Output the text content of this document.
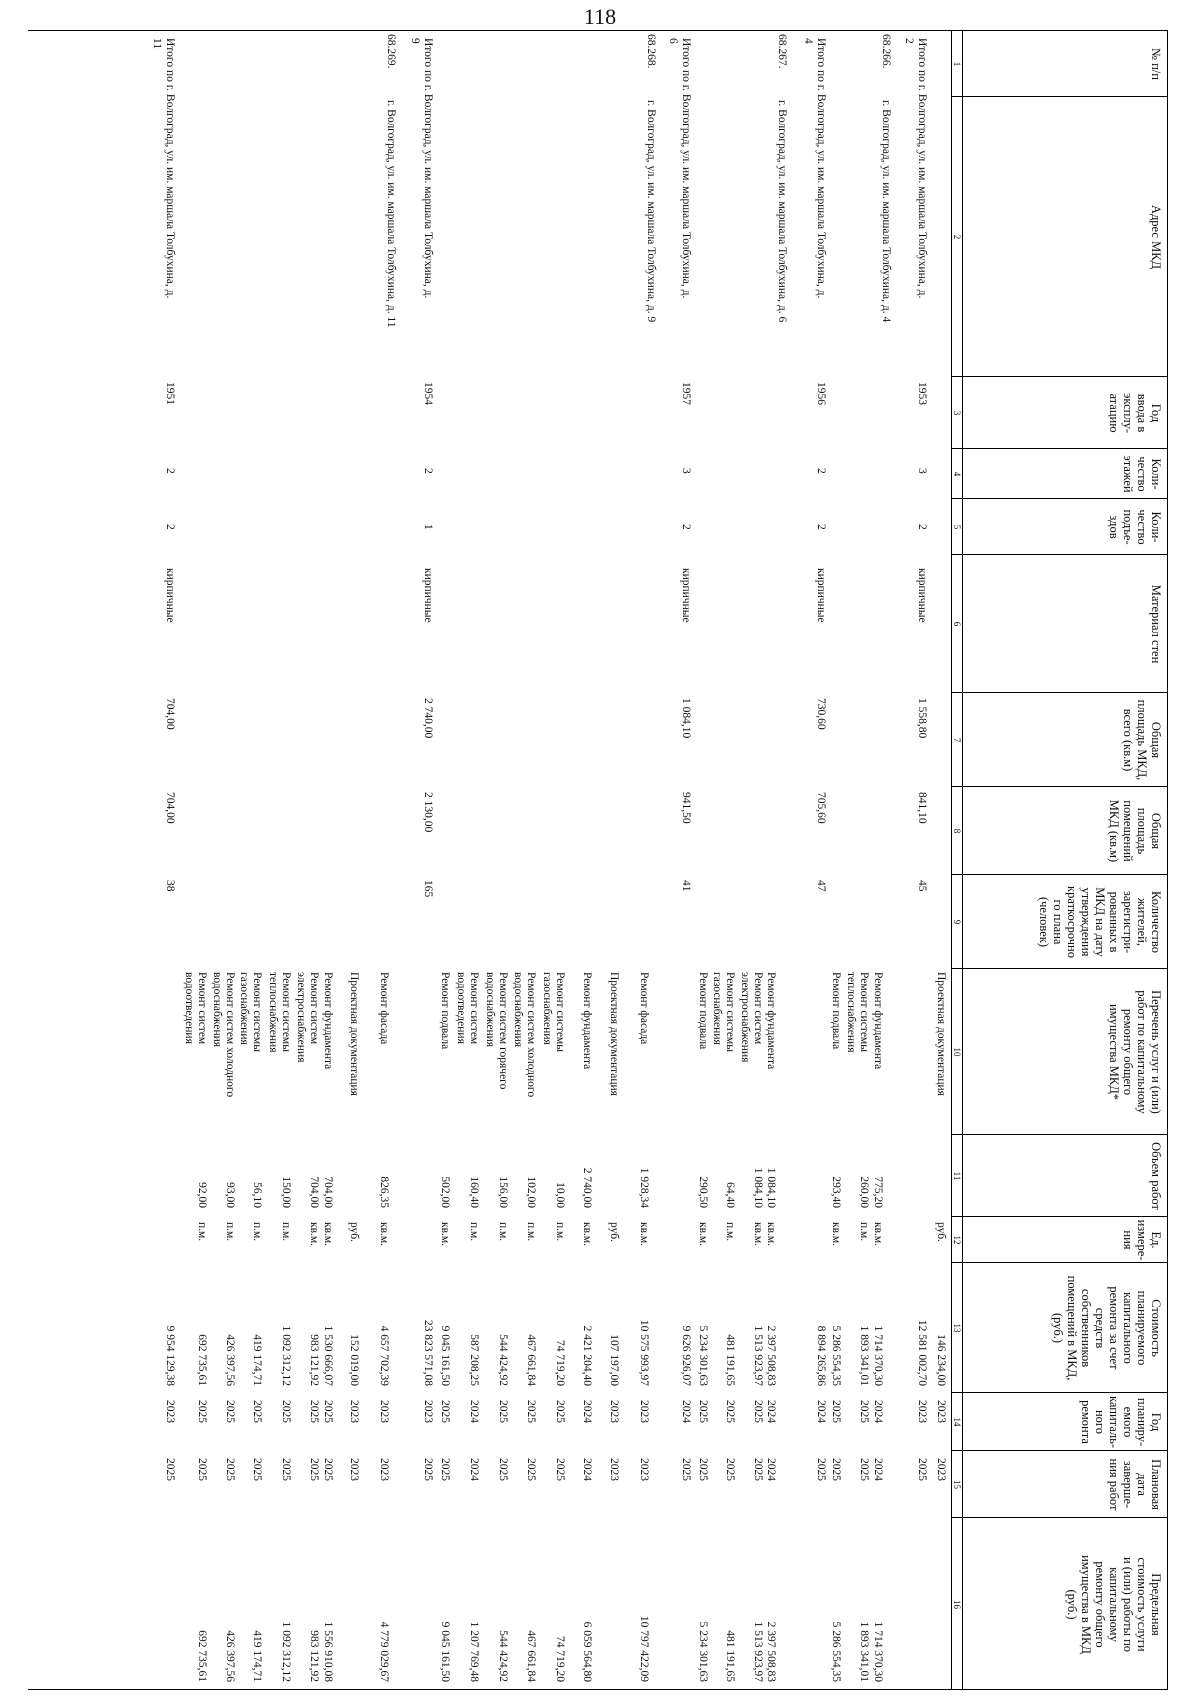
118
№ п/п
Адрес МКД
Год
ввода в
эксплу-
атацию
Коли-
чество
этажей
Коли-
чество
подъе-
здов
Материал стен
Общая
площадь МКД,
всего (кв.м)
Общая
площадь
помещений
МКД (кв.м)
Количество
жителей,
зарегистри-
рованных в
МКД на дату
утверждения
краткосрочно
го плана
(человек)
Перечень услуг и (или)
работ по капитальному
ремонту общего
имущества МКД*
Объем работ
Ед.
измере-
ния
Стоимость
планируемого
капитального
ремонта за счет
средств
собственников
помещений в МКД,
(руб.)
Год
планиру-
емого
капиталь-
ного
ремонта
Плановая
дата
заверше-
ния работ
Предельная
стоимость услуги
и (или) работы по
капитальному
ремонту общего
имущества в МКД
(руб.)
1
2
3
4
5
6
7
8
9
10
11
12
13
14
15
16
Проектная документация
руб.
146 234,00
2023
2023
Итого по г. Волгоград, ул. им. маршала Толбухина, д.
2
1953
3
2
кирпичные
1 558,80
841,10
45
12 581 002,70
2023
2025
68.266.
г. Волгоград, ул. им. маршала Толбухина, д. 4
Ремонт фундамента
775,20
кв.м.
1 714 370,30
2024
2024
1 714 370,30
Ремонт системы
теплоснабжения
260,00
п.м.
1 893 341,01
2025
2025
1 893 341,01
Ремонт подвала
293,40
кв.м.
5 286 554,35
2025
2025
5 286 554,35
Итого по г. Волгоград, ул. им. маршала Толбухина, д.
4
1956
2
2
кирпичные
730,60
705,60
47
8 894 265,86
2024
2025
68.267.
г. Волгоград, ул. им. маршала Толбухина, д. 6
Ремонт фундамента
1 084,10
кв.м.
2 397 508,83
2024
2024
2 397 508,83
Ремонт систем
электроснабжения
1 084,10
кв.м.
1 513 923,97
2025
2025
1 513 923,97
Ремонт системы
газоснабжения
64,40
п.м.
481 191,65
2025
2025
481 191,65
Ремонт подвала
290,50
кв.м.
5 234 301,63
2025
2025
5 234 301,63
Итого по г. Волгоград, ул. им. маршала Толбухина, д.
6
1957
3
2
кирпичные
1 084,10
941,50
41
9 626 926,07
2024
2025
68.268.
г. Волгоград, ул. им. маршала Толбухина, д. 9
Ремонт фасада
1 928,34
кв.м.
10 575 993,97
2023
2023
10 797 422,09
Проектная документация
руб.
107 197,00
2023
2023
Ремонт фундамента
2 740,00
кв.м.
2 421 204,40
2024
2024
6 059 564,80
Ремонт системы
газоснабжения
10,00
п.м.
74 719,20
2025
2025
74 719,20
Ремонт систем холодного
водоснабжения
102,00
п.м.
467 661,84
2025
2025
467 661,84
Ремонт систем горячего
водоснабжения
156,00
п.м.
544 424,92
2025
2025
544 424,92
Ремонт систем
водоотведения
160,40
п.м.
587 208,25
2024
2024
1 207 769,48
Ремонт подвала
502,00
кв.м.
9 045 161,50
2025
2025
9 045 161,50
Итого по г. Волгоград, ул. им. маршала Толбухина, д.
9
1954
2
1
кирпичные
2 740,00
2 130,00
165
23 823 571,08
2023
2025
68.269.
г. Волгоград, ул. им. маршала Толбухина, д. 11
Ремонт фасада
826,35
кв.м.
4 657 702,39
2023
2023
4 779 029,67
Проектная документация
руб.
152 019,00
2023
2023
Ремонт фундамента
704,00
кв.м.
1 530 666,07
2025
2025
1 556 910,08
Ремонт систем
электроснабжения
704,00
кв.м.
983 121,92
2025
2025
983 121,92
Ремонт системы
теплоснабжения
150,00
п.м.
1 092 312,12
2025
2025
1 092 312,12
Ремонт системы
газоснабжения
56,10
п.м.
419 174,71
2025
2025
419 174,71
Ремонт систем холодного
водоснабжения
93,00
п.м.
426 397,56
2025
2025
426 397,56
Ремонт систем
водоотведения
92,00
п.м.
692 735,61
2025
2025
692 735,61
Итого по г. Волгоград, ул. им. маршала Толбухина, д.
11
1951
2
2
кирпичные
704,00
704,00
38
9 954 129,38
2023
2025
